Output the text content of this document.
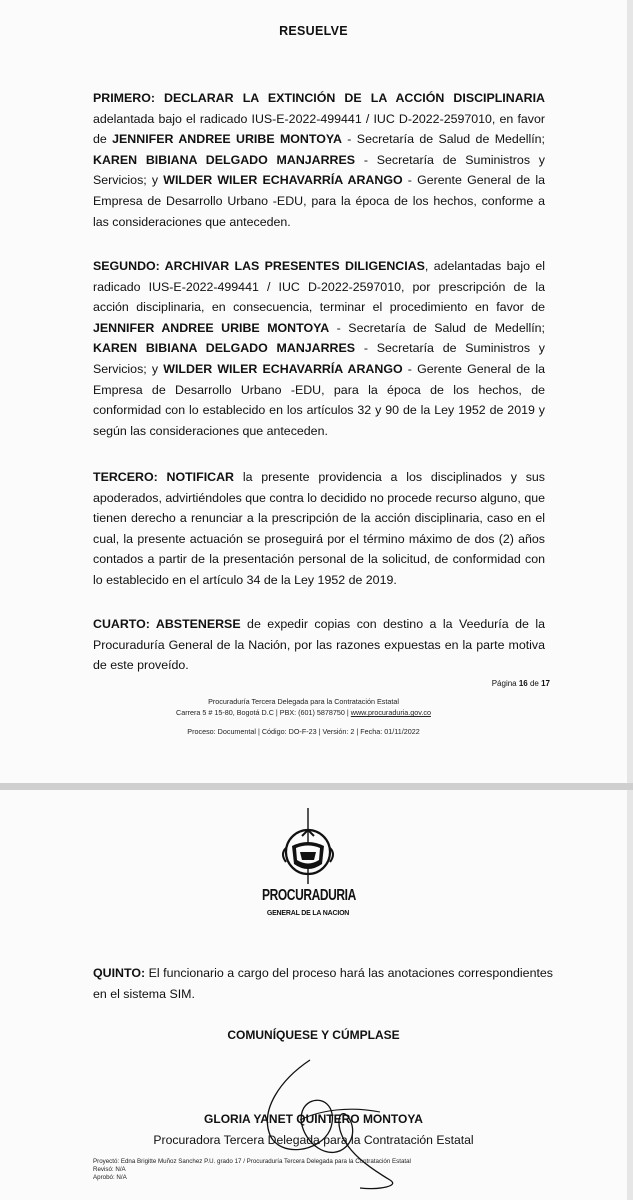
RESUELVE
PRIMERO: DECLARAR LA EXTINCIÓN DE LA ACCIÓN DISCIPLINARIA adelantada bajo el radicado IUS-E-2022-499441 / IUC D-2022-2597010, en favor de JENNIFER ANDREE URIBE MONTOYA - Secretaría de Salud de Medellín; KAREN BIBIANA DELGADO MANJARRES - Secretaría de Suministros y Servicios; y WILDER WILER ECHAVARRÍA ARANGO - Gerente General de la Empresa de Desarrollo Urbano -EDU, para la época de los hechos, conforme a las consideraciones que anteceden.
SEGUNDO: ARCHIVAR LAS PRESENTES DILIGENCIAS, adelantadas bajo el radicado IUS-E-2022-499441 / IUC D-2022-2597010, por prescripción de la acción disciplinaria, en consecuencia, terminar el procedimiento en favor de JENNIFER ANDREE URIBE MONTOYA - Secretaría de Salud de Medellín; KAREN BIBIANA DELGADO MANJARRES - Secretaría de Suministros y Servicios; y WILDER WILER ECHAVARRÍA ARANGO - Gerente General de la Empresa de Desarrollo Urbano -EDU, para la época de los hechos, de conformidad con lo establecido en los artículos 32 y 90 de la Ley 1952 de 2019 y según las consideraciones que anteceden.
TERCERO: NOTIFICAR la presente providencia a los disciplinados y sus apoderados, advirtiéndoles que contra lo decidido no procede recurso alguno, que tienen derecho a renunciar a la prescripción de la acción disciplinaria, caso en el cual, la presente actuación se proseguirá por el término máximo de dos (2) años contados a partir de la presentación personal de la solicitud, de conformidad con lo establecido en el artículo 34 de la Ley 1952 de 2019.
CUARTO: ABSTENERSE de expedir copias con destino a la Veeduría de la Procuraduría General de la Nación, por las razones expuestas en la parte motiva de este proveído.
Página 16 de 17
Procuraduría Tercera Delegada para la Contratación Estatal
Carrera 5 # 15-80, Bogotá D.C | PBX: (601) 5878750 | www.procuraduria.gov.co
Proceso: Documental | Código: DO-F-23 | Versión: 2 | Fecha: 01/11/2022
PROCURADURIA
GENERAL DE LA NACION
QUINTO: El funcionario a cargo del proceso hará las anotaciones correspondientes en el sistema SIM.
COMUNÍQUESE Y CÚMPLASE
GLORIA YANET QUINTERO MONTOYA
Procuradora Tercera Delegada para la Contratación Estatal
Proyectó: Edna Brigitte Muñoz Sanchez P.U. grado 17 / Procuraduría Tercera Delegada para la Contratación Estatal
Revisó: N/A
Aprobó: N/A
